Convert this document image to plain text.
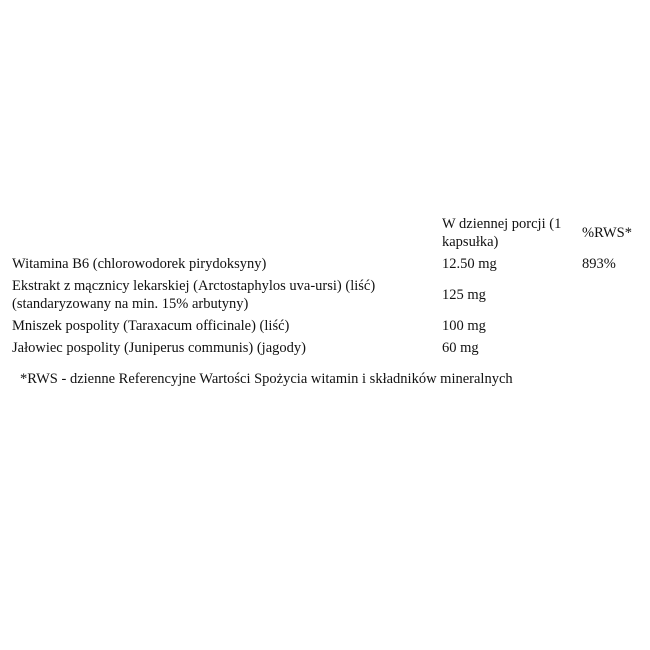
	W dziennej porcji (1 kapsułka)	%RWS*
Witamina B6 (chlorowodorek pirydoksyny)	12.50 mg	893%
Ekstrakt z mącznicy lekarskiej (Arctostaphylos uva-ursi) (liść) (standaryzowany na min. 15% arbutyny)	125 mg	
Mniszek pospolity (Taraxacum officinale) (liść)	100 mg	
Jałowiec pospolity (Juniperus communis) (jagody)	60 mg	
*RWS - dzienne Referencyjne Wartości Spożycia witamin i składników mineralnych
